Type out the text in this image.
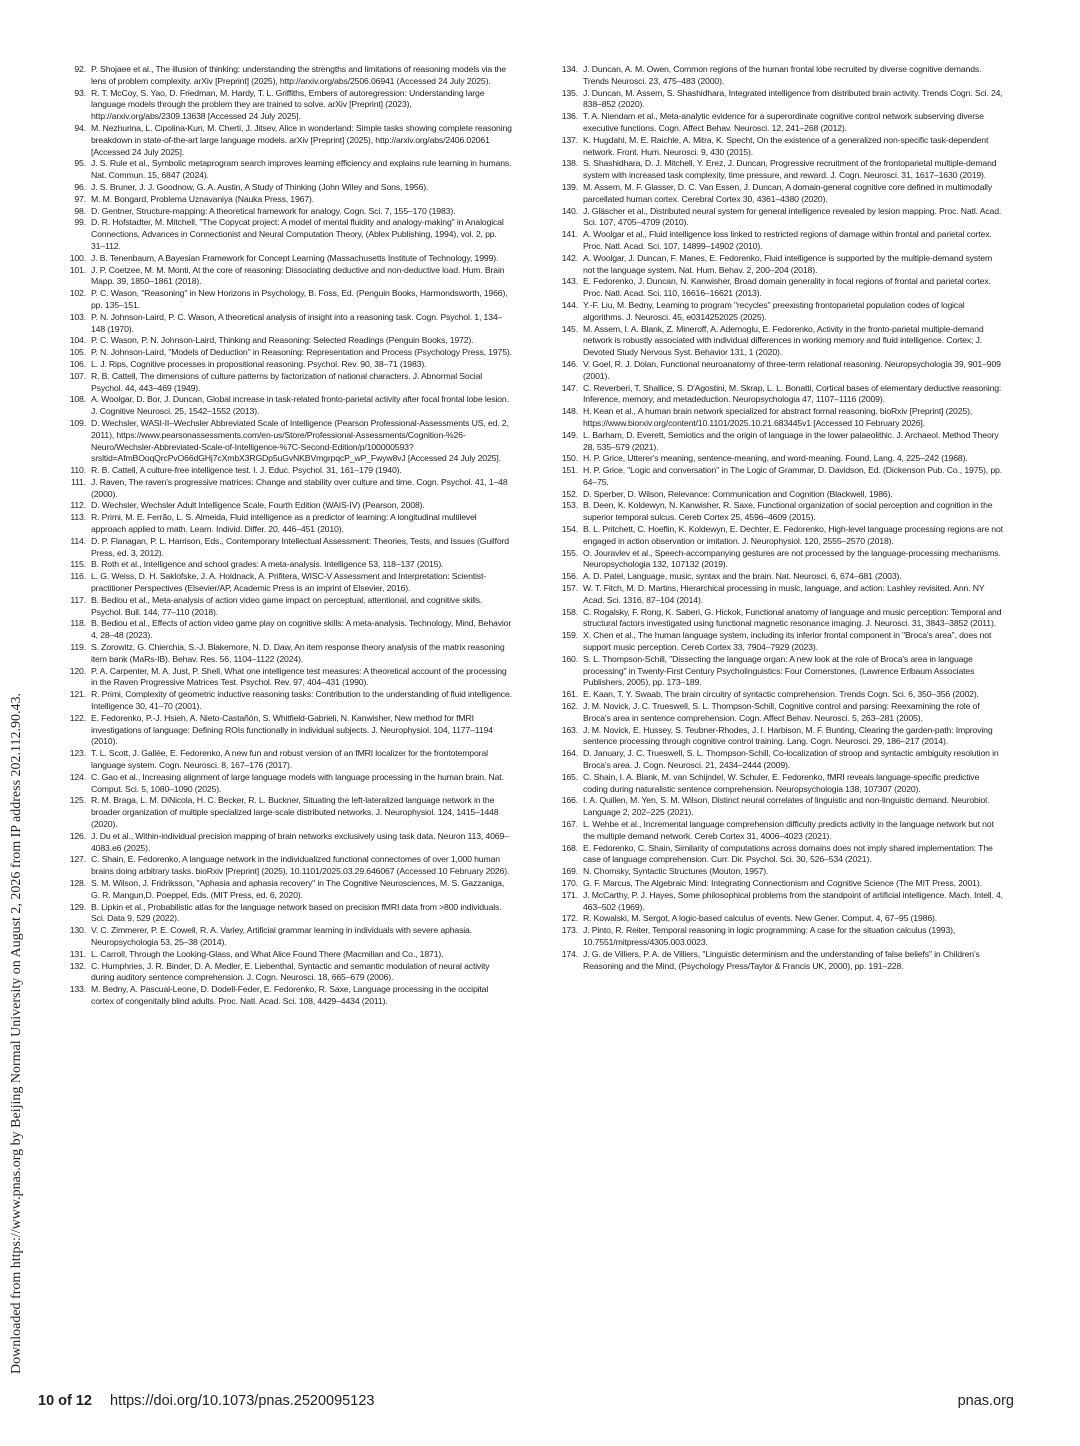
Downloaded from https://www.pnas.org by Beijing Normal University on August 2, 2026 from IP address 202.112.90.43.
92. P. Shojaee et al., The illusion of thinking: understanding the strengths and limitations of reasoning models via the lens of problem complexity. arXiv [Preprint] (2025), http://arxiv.org/abs/2506.06941 (Accessed 24 July 2025).
93. R. T. McCoy, S. Yao, D. Friedman, M. Hardy, T. L. Griffiths, Embers of autoregression: Understanding large language models through the problem they are trained to solve. arXiv [Preprint] (2023), http://arxiv.org/abs/2309.13638 [Accessed 24 July 2025].
94. M. Nezhurina, L. Cipolina-Kun, M. Cherti, J. Jitsev, Alice in wonderland: Simple tasks showing complete reasoning breakdown in state-of-the-art large language models. arXiv [Preprint] (2025), http://arxiv.org/abs/2406.02061 [Accessed 24 July 2025].
95. J. S. Rule et al., Symbolic metaprogram search improves learning efficiency and explains rule learning in humans. Nat. Commun. 15, 6847 (2024).
96. J. S. Bruner, J. J. Goodnow, G. A. Austin, A Study of Thinking (John Wiley and Sons, 1956).
97. M. M. Bongard, Problema Uznavaniya (Nauka Press, 1967).
98. D. Gentner, Structure-mapping: A theoretical framework for analogy. Cogn. Sci. 7, 155–170 (1983).
99. D. R. Hofstadter, M. Mitchell, "The Copycat project: A model of mental fluidity and analogy-making" in Analogical Connections, Advances in Connectionist and Neural Computation Theory, (Ablex Publishing, 1994), vol. 2, pp. 31–112.
100. J. B. Tenenbaum, A Bayesian Framework for Concept Learning (Massachusetts Institute of Technology, 1999).
101. J. P. Coetzee, M. M. Monti, At the core of reasoning: Dissociating deductive and non-deductive load. Hum. Brain Mapp. 39, 1850–1861 (2018).
102. P. C. Wason, "Reasoning" in New Horizons in Psychology, B. Foss, Ed. (Penguin Books, Harmondsworth, 1966), pp. 135–151.
103. P. N. Johnson-Laird, P. C. Wason, A theoretical analysis of insight into a reasoning task. Cogn. Psychol. 1, 134–148 (1970).
104. P. C. Wason, P. N. Johnson-Laird, Thinking and Reasoning: Selected Readings (Penguin Books, 1972).
105. P. N. Johnson-Laird, "Models of Deduction" in Reasoning: Representation and Process (Psychology Press, 1975).
106. L. J. Rips, Cognitive processes in propositional reasoning. Psychol. Rev. 90, 38–71 (1983).
107. R. B. Cattell, The dimensions of culture patterns by factorization of national characters. J. Abnormal Social Psychol. 44, 443–469 (1949).
108. A. Woolgar, D. Bor, J. Duncan, Global increase in task-related fronto-parietal activity after focal frontal lobe lesion. J. Cognitive Neurosci. 25, 1542–1552 (2013).
109. D. Wechsler, WASI-II–Wechsler Abbreviated Scale of Intelligence (Pearson Professional-Assessments US, ed. 2, 2011), https://www.pearsonassessments.com/en-us/Store/Professional-Assessments/Cognition-%26-Neuro/Wechsler-Abbreviated-Scale-of-Intelligence-%7C-Second-Edition/p/100000593?srsltid=AfmBOoqQrcPvO66dGHj7cXmbX3RGDp5uGvNKBVmgrpqcP_wP_Fwyw8vJ [Accessed 24 July 2025].
110. R. B. Cattell, A culture-free intelligence test. I. J. Educ. Psychol. 31, 161–179 (1940).
111. J. Raven, The raven's progressive matrices: Change and stability over culture and time. Cogn. Psychol. 41, 1–48 (2000).
112. D. Wechsler, Wechsler Adult Intelligence Scale, Fourth Edition (WAIS-IV) (Pearson, 2008).
113. R. Primi, M. E. Ferrão, L. S. Almeida, Fluid intelligence as a predictor of learning: A longitudinal multilevel approach applied to math. Learn. Individ. Differ. 20, 446–451 (2010).
114. D. P. Flanagan, P. L. Harrison, Eds., Contemporary Intellectual Assessment: Theories, Tests, and Issues (Guilford Press, ed. 3, 2012).
115. B. Roth et al., Intelligence and school grades: A meta-analysis. Intelligence 53, 118–137 (2015).
116. L. G. Weiss, D. H. Saklofske, J. A. Holdnack, A. Prifitera, WISC-V Assessment and Interpretation: Scientist-practitioner Perspectives (Elsevier/AP, Academic Press is an imprint of Elsevier, 2016).
117. B. Bediou et al., Meta-analysis of action video game impact on perceptual, attentional, and cognitive skills. Psychol. Bull. 144, 77–110 (2018).
118. B. Bediou et al., Effects of action video game play on cognitive skills: A meta-analysis. Technology, Mind, Behavior 4, 28–48 (2023).
119. S. Zorowitz, G. Chierchia, S.-J. Blakemore, N. D. Daw, An item response theory analysis of the matrix reasoning item bank (MaRs-IB). Behav. Res. 56, 1104–1122 (2024).
120. P. A. Carpenter, M. A. Just, P. Shell, What one intelligence test measures: A theoretical account of the processing in the Raven Progressive Matrices Test. Psychol. Rev. 97, 404–431 (1990).
121. R. Primi, Complexity of geometric inductive reasoning tasks: Contribution to the understanding of fluid intelligence. Intelligence 30, 41–70 (2001).
122. E. Fedorenko, P.-J. Hsieh, A. Nieto-Castañón, S. Whitfield-Gabrieli, N. Kanwisher, New method for fMRI investigations of language: Defining ROIs functionally in individual subjects. J. Neurophysiol. 104, 1177–1194 (2010).
123. T. L. Scott, J. Gallée, E. Fedorenko, A new fun and robust version of an fMRI localizer for the frontotemporal language system. Cogn. Neurosci. 8, 167–176 (2017).
124. C. Gao et al., Increasing alignment of large language models with language processing in the human brain. Nat. Comput. Sci. 5, 1080–1090 (2025).
125. R. M. Braga, L. M. DiNicola, H. C. Becker, R. L. Buckner, Situating the left-lateralized language network in the broader organization of multiple specialized large-scale distributed networks. J. Neurophysiol. 124, 1415–1448 (2020).
126. J. Du et al., Within-individual precision mapping of brain networks exclusively using task data. Neuron 113, 4069–4083.e6 (2025).
127. C. Shain, E. Fedorenko, A language network in the individualized functional connectomes of over 1,000 human brains doing arbitrary tasks. bioRxiv [Preprint] (2025), 10.1101/2025.03.29.646067 (Accessed 10 February 2026).
128. S. M. Wilson, J. Fridriksson, "Aphasia and aphasia recovery" in The Cognitive Neurosciences, M. S. Gazzaniga, G. R. Mangun,D. Poeppel, Eds. (MIT Press, ed. 6, 2020).
129. B. Lipkin et al., Probabilistic atlas for the language network based on precision fMRI data from >800 individuals. Sci. Data 9, 529 (2022).
130. V. C. Zimmerer, P. E. Cowell, R. A. Varley, Artificial grammar learning in individuals with severe aphasia. Neuropsychologia 53, 25–38 (2014).
131. L. Carroll, Through the Looking-Glass, and What Alice Found There (Macmillan and Co., 1871).
132. C. Humphries, J. R. Binder, D. A. Medler, E. Liebenthal, Syntactic and semantic modulation of neural activity during auditory sentence comprehension. J. Cogn. Neurosci. 18, 665–679 (2006).
133. M. Bedny, A. Pascual-Leone, D. Dodell-Feder, E. Fedorenko, R. Saxe, Language processing in the occipital cortex of congenitally blind adults. Proc. Natl. Acad. Sci. 108, 4429–4434 (2011).
134. J. Duncan, A. M. Owen, Common regions of the human frontal lobe recruited by diverse cognitive demands. Trends Neurosci. 23, 475–483 (2000).
135. J. Duncan, M. Assem, S. Shashidhara, Integrated intelligence from distributed brain activity. Trends Cogn. Sci. 24, 838–852 (2020).
136. T. A. Niendam et al., Meta-analytic evidence for a superordinate cognitive control network subserving diverse executive functions. Cogn. Affect Behav. Neurosci. 12, 241–268 (2012).
137. K. Hugdahl, M. E. Raichle, A. Mitra, K. Specht, On the existence of a generalized non-specific task-dependent network. Front. Hum. Neurosci. 9, 430 (2015).
138. S. Shashidhara, D. J. Mitchell, Y. Erez, J. Duncan, Progressive recruitment of the frontoparietal multiple-demand system with increased task complexity, time pressure, and reward. J. Cogn. Neurosci. 31, 1617–1630 (2019).
139. M. Assem, M. F. Glasser, D. C. Van Essen, J. Duncan, A domain-general cognitive core defined in multimodally parcellated human cortex. Cerebral Cortex 30, 4361–4380 (2020).
140. J. Gläscher et al., Distributed neural system for general intelligence revealed by lesion mapping. Proc. Natl. Acad. Sci. 107, 4705–4709 (2010).
141. A. Woolgar et al., Fluid intelligence loss linked to restricted regions of damage within frontal and parietal cortex. Proc. Natl. Acad. Sci. 107, 14899–14902 (2010).
142. A. Woolgar, J. Duncan, F. Manes, E. Fedorenko, Fluid intelligence is supported by the multiple-demand system not the language system. Nat. Hum. Behav. 2, 200–204 (2018).
143. E. Fedorenko, J. Duncan, N. Kanwisher, Broad domain generality in focal regions of frontal and parietal cortex. Proc. Natl. Acad. Sci. 110, 16616–16621 (2013).
144. Y.-F. Liu, M. Bedny, Learning to program "recycles" preexisting frontoparietal population codes of logical algorithms. J. Neurosci. 45, e0314252025 (2025).
145. M. Assem, I. A. Blank, Z. Mineroff, A. Ademoglu, E. Fedorenko, Activity in the fronto-parietal multiple-demand network is robustly associated with individual differences in working memory and fluid intelligence. Cortex; J. Devoted Study Nervous Syst. Behavior 131, 1 (2020).
146. V. Goel, R. J. Dolan, Functional neuroanatomy of three-term relational reasoning. Neuropsychologia 39, 901–909 (2001).
147. C. Reverberi, T. Shallice, S. D'Agostini, M. Skrap, L. L. Bonatti, Cortical bases of elementary deductive reasoning: Inference, memory, and metadeduction. Neuropsychologia 47, 1107–1116 (2009).
148. H. Kean et al., A human brain network specialized for abstract formal reasoning. bioRxiv [Preprint] (2025), https://www.biorxiv.org/content/10.1101/2025.10.21.683445v1 [Accessed 10 February 2026].
149. L. Barham, D. Everett, Semiotics and the origin of language in the lower palaeolithic. J. Archaeol. Method Theory 28, 535–579 (2021).
150. H. P. Grice, Utterer's meaning, sentence-meaning, and word-meaning. Found. Lang. 4, 225–242 (1968).
151. H. P. Grice, "Logic and conversation" in The Logic of Grammar, D. Davidson, Ed. (Dickenson Pub. Co., 1975), pp. 64–75.
152. D. Sperber, D. Wilson, Relevance: Communication and Cognition (Blackwell, 1986).
153. B. Deen, K. Koldewyn, N. Kanwisher, R. Saxe, Functional organization of social perception and cognition in the superior temporal sulcus. Cereb Cortex 25, 4596–4609 (2015).
154. B. L. Pritchett, C. Hoeflin, K. Koldewyn, E. Dechter, E. Fedorenko, High-level language processing regions are not engaged in action observation or imitation. J. Neurophysiol. 120, 2555–2570 (2018).
155. O. Jouravlev et al., Speech-accompanying gestures are not processed by the language-processing mechanisms. Neuropsychologia 132, 107132 (2019).
156. A. D. Patel, Language, music, syntax and the brain. Nat. Neurosci. 6, 674–681 (2003).
157. W. T. Fitch, M. D. Martins, Hierarchical processing in music, language, and action: Lashley revisited. Ann. NY Acad. Sci. 1316, 87–104 (2014).
158. C. Rogalsky, F. Rong, K. Saberi, G. Hickok, Functional anatomy of language and music perception: Temporal and structural factors investigated using functional magnetic resonance imaging. J. Neurosci. 31, 3843–3852 (2011).
159. X. Chen et al., The human language system, including its inferior frontal component in "Broca's area", does not support music perception. Cereb Cortex 33, 7904–7929 (2023).
160. S. L. Thompson-Schill, "Dissecting the language organ: A new look at the role of Broca's area in language processing" in Twenty-First Century Psycholinguistics: Four Cornerstones, (Lawrence Erlbaum Associates Publishers, 2005), pp. 173–189.
161. E. Kaan, T. Y. Swaab, The brain circuitry of syntactic comprehension. Trends Cogn. Sci. 6, 350–356 (2002).
162. J. M. Novick, J. C. Trueswell, S. L. Thompson-Schill, Cognitive control and parsing: Reexamining the role of Broca's area in sentence comprehension. Cogn. Affect Behav. Neurosci. 5, 263–281 (2005).
163. J. M. Novick, E. Hussey, S. Teubner-Rhodes, J. I. Harbison, M. F. Bunting, Clearing the garden-path: Improving sentence processing through cognitive control training. Lang. Cogn. Neurosci. 29, 186–217 (2014).
164. D. January, J. C. Trueswell, S. L. Thompson-Schill, Co-localization of stroop and syntactic ambiguity resolution in Broca's area. J. Cogn. Neurosci. 21, 2434–2444 (2009).
165. C. Shain, I. A. Blank, M. van Schijndel, W. Schuler, E. Fedorenko, fMRI reveals language-specific predictive coding during naturalistic sentence comprehension. Neuropsychologia 138, 107307 (2020).
166. I. A. Quillen, M. Yen, S. M. Wilson, Distinct neural correlates of linguistic and non-linguistic demand. Neurobiol. Language 2, 202–225 (2021).
167. L. Wehbe et al., Incremental language comprehension difficulty predicts activity in the language network but not the multiple demand network. Cereb Cortex 31, 4006–4023 (2021).
168. E. Fedorenko, C. Shain, Similarity of computations across domains does not imply shared implementation: The case of language comprehension. Curr. Dir. Psychol. Sci. 30, 526–534 (2021).
169. N. Chomsky, Syntactic Structures (Mouton, 1957).
170. G. F. Marcus, The Algebraic Mind: Integrating Connectionism and Cognitive Science (The MIT Press, 2001).
171. J. McCarthy, P. J. Hayes, Some philosophical problems from the standpoint of artificial intelligence. Mach. Intell. 4, 463–502 (1969).
172. R. Kowalski, M. Sergot, A logic-based calculus of events. New Gener. Comput. 4, 67–95 (1986).
173. J. Pinto, R. Reiter, Temporal reasoning in logic programming: A case for the situation calculus (1993), 10.7551/mitpress/4305.003.0023.
174. J. G. de Villiers, P. A. de Villiers, "Linguistic determinism and the understanding of false beliefs" in Children's Reasoning and the Mind, (Psychology Press/Taylor & Francis UK, 2000), pp. 191–228.
10 of 12 https://doi.org/10.1073/pnas.2520095123	pnas.org
